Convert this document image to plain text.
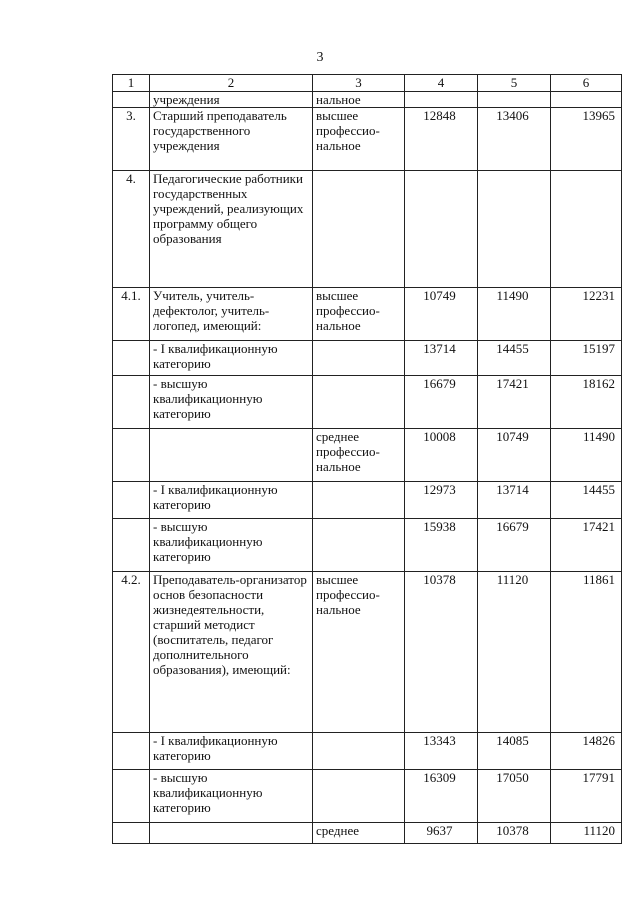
3
1	2	3	4	5	6
	учреждения	нальное			
3.	Старший преподаватель государственного учреждения	высшее профессио-нальное	12848	13406	13965
4.	Педагогические работники государственных учреждений, реализующих программу общего образования				
4.1.	Учитель, учитель-дефектолог, учитель-логопед, имеющий:	высшее профессио-нальное	10749	11490	12231
	- I квалификационную категорию		13714	14455	15197
	- высшую квалификационную категорию		16679	17421	18162
		среднее профессио-нальное	10008	10749	11490
	- I квалификационную категорию		12973	13714	14455
	- высшую квалификационную категорию		15938	16679	17421
4.2.	Преподаватель-организатор основ безопасности жизнедеятельности, старший методист (воспитатель, педагог дополнительного образования), имеющий:	высшее профессио-нальное	10378	11120	11861
	- I квалификационную категорию		13343	14085	14826
	- высшую квалификационную категорию		16309	17050	17791
		среднее	9637	10378	11120
